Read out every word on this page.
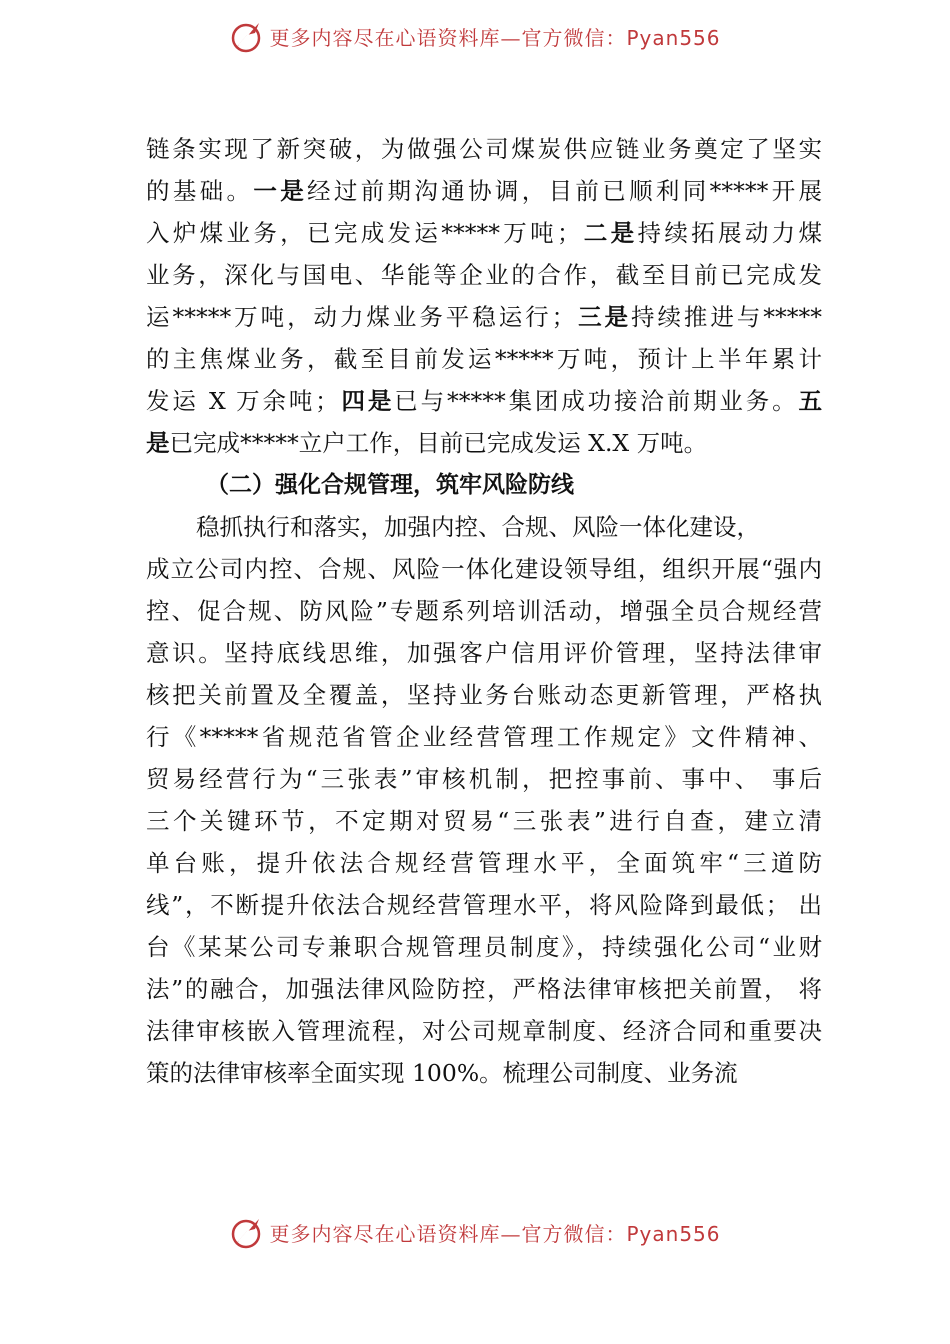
更多内容尽在心语资料库—官方微信：Pyan556
链条实现了新突破，为做强公司煤炭供应链业务奠定了坚实
的基础。一是经过前期沟通协调，目前已顺利同*****开展
入炉煤业务，已完成发运*****万吨；二是持续拓展动力煤
业务，深化与国电、华能等企业的合作，截至目前已完成发
运*****万吨，动力煤业务平稳运行；三是持续推进与*****
的主焦煤业务，截至目前发运*****万吨，预计上半年累计
发运 X 万余吨；四是已与*****集团成功接洽前期业务。五
是已完成*****立户工作，目前已完成发运 X.X 万吨。
（二）强化合规管理，筑牢风险防线
稳抓执行和落实，加强内控、合规、风险一体化建设，
成立公司内控、合规、风险一体化建设领导组，组织开展“强内
控、促合规、防风险”专题系列培训活动，增强全员合规经营
意识。坚持底线思维，加强客户信用评价管理，坚持法律审
核把关前置及全覆盖，坚持业务台账动态更新管理，严格执
行《*****省规范省管企业经营管理工作规定》文件精神、
贸易经营行为“三张表”审核机制，把控事前、事中、 事后
三个关键环节，不定期对贸易“三张表”进行自查，建立清
单台账，提升依法合规经营管理水平，全面筑牢“三道防
线”，不断提升依法合规经营管理水平，将风险降到最低； 出
台《某某公司专兼职合规管理员制度》，持续强化公司“业财
法”的融合，加强法律风险防控，严格法律审核把关前置， 将
法律审核嵌入管理流程，对公司规章制度、经济合同和重要决
策的法律审核率全面实现 100%。梳理公司制度、业务流
更多内容尽在心语资料库—官方微信：Pyan556
